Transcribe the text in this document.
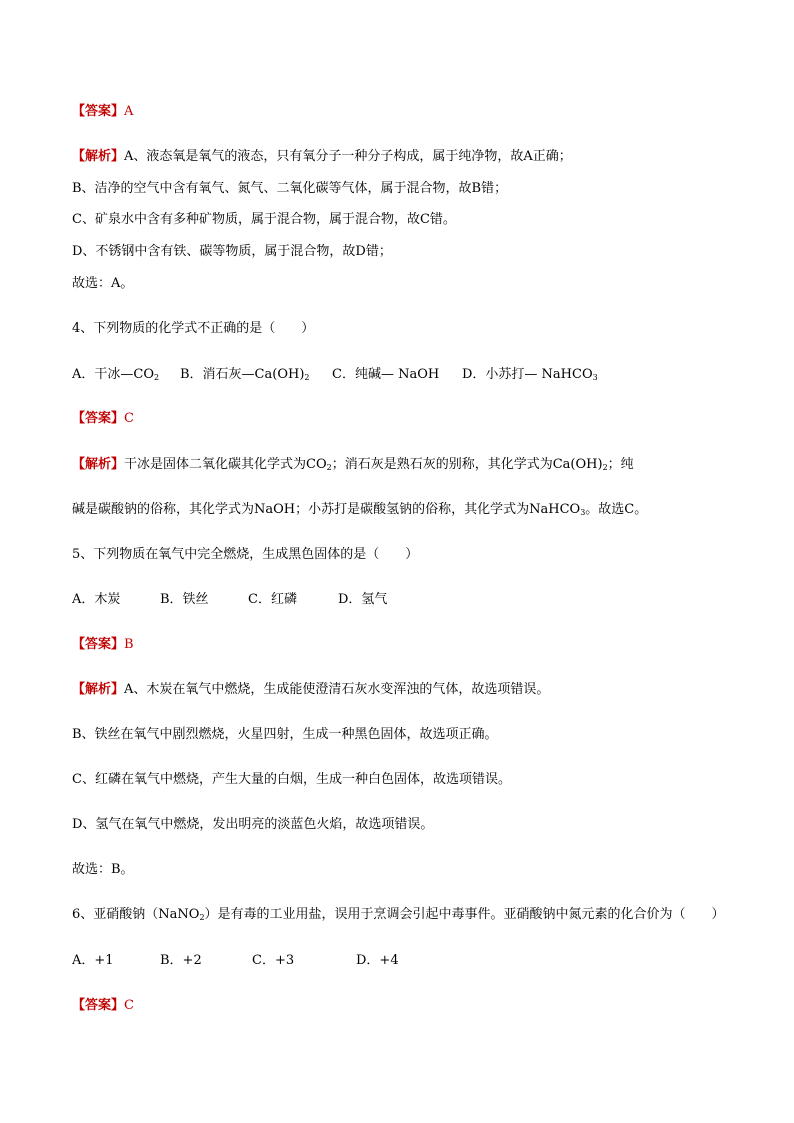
【答案】A
【解析】A、液态氧是氧气的液态，只有氧分子一种分子构成，属于纯净物，故A正确；
B、洁净的空气中含有氧气、氮气、二氧化碳等气体，属于混合物，故B错；
C、矿泉水中含有多种矿物质，属于混合物，属于混合物，故C错。
D、不锈钢中含有铁、碳等物质，属于混合物，故D错；
故选：A。
4、下列物质的化学式不正确的是（　　）
A．干冰$—CO_2$ B．消石灰$—Ca(OH)_2$ C．纯碱— NaOH D．小苏打— NaHCO$_3$
【答案】C
【解析】干冰是固体二氧化碳其化学式为$CO_2$；消石灰是熟石灰的别称，其化学式为$Ca(OH)_2$；纯
碱是碳酸钠的俗称，其化学式为NaOH；小苏打是碳酸氢钠的俗称，其化学式为NaHCO$_3$。故选C。
5、下列物质在氧气中完全燃烧，生成黑色固体的是（　　）
A．木炭	B．铁丝	C．红磷	D．氢气
【答案】B
【解析】A、木炭在氧气中燃烧，生成能使澄清石灰水变浑浊的气体，故选项错误。
B、铁丝在氧气中剧烈燃烧，火星四射，生成一种黑色固体，故选项正确。
C、红磷在氧气中燃烧，产生大量的白烟，生成一种白色固体，故选项错误。
D、氢气在氧气中燃烧，发出明亮的淡蓝色火焰，故选项错误。
故选：B。
6、亚硝酸钠（NaNO$_2$）是有毒的工业用盐，误用于烹调会引起中毒事件。亚硝酸钠中氮元素的化合价为（　　）
A．+1	B．+2	C．+3	D．+4
【答案】C
